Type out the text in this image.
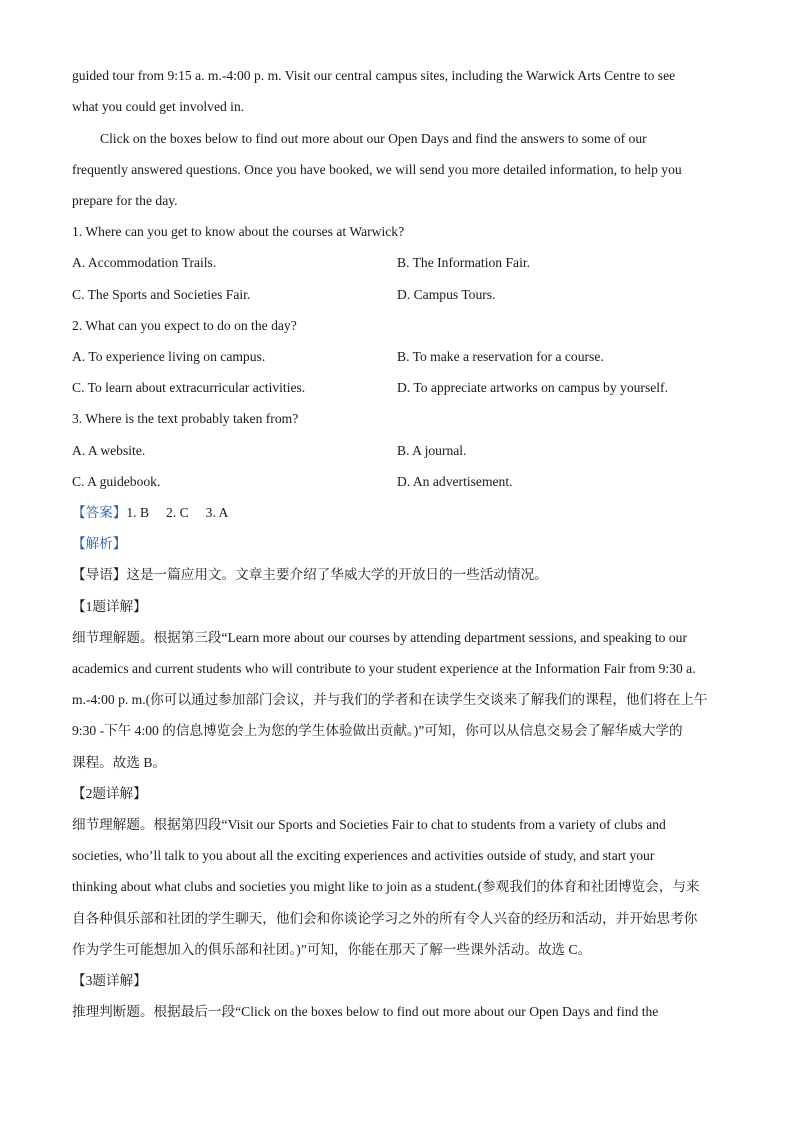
guided tour from 9:15 a. m.-4:00 p. m. Visit our central campus sites, including the Warwick Arts Centre to see
what you could get involved in.
Click on the boxes below to find out more about our Open Days and find the answers to some of our
frequently answered questions. Once you have booked, we will send you more detailed information, to help you
prepare for the day.
1. Where can you get to know about the courses at Warwick?
A. Accommodation Trails.	B. The Information Fair.
C. The Sports and Societies Fair.	D. Campus Tours.
2. What can you expect to do on the day?
A. To experience living on campus.	B. To make a reservation for a course.
C. To learn about extracurricular activities.	D. To appreciate artworks on campus by yourself.
3. Where is the text probably taken from?
A. A website.	B. A journal.
C. A guidebook.	D. An advertisement.
【答案】1. B     2. C     3. A
【解析】
【导语】这是一篇应用文。文章主要介绍了华威大学的开放日的一些活动情况。
【1题详解】
细节理解题。根据第三段“Learn more about our courses by attending department sessions, and speaking to our
academics and current students who will contribute to your student experience at the Information Fair from 9:30 a.
m.-4:00 p. m.(你可以通过参加部门会议，并与我们的学者和在读学生交谈来了解我们的课程，他们将在上午
9:30 -下午 4:00 的信息博览会上为您的学生体验做出贡献。)”可知，你可以从信息交易会了解华威大学的
课程。故选 B。
【2题详解】
细节理解题。根据第四段“Visit our Sports and Societies Fair to chat to students from a variety of clubs and
societies, who’ll talk to you about all the exciting experiences and activities outside of study, and start your
thinking about what clubs and societies you might like to join as a student.(参观我们的体育和社团博览会，与来
自各种俱乐部和社团的学生聊天，他们会和你谈论学习之外的所有令人兴奋的经历和活动，并开始思考你
作为学生可能想加入的俱乐部和社团。)”可知，你能在那天了解一些课外活动。故选 C。
【3题详解】
推理判断题。根据最后一段“Click on the boxes below to find out more about our Open Days and find the
